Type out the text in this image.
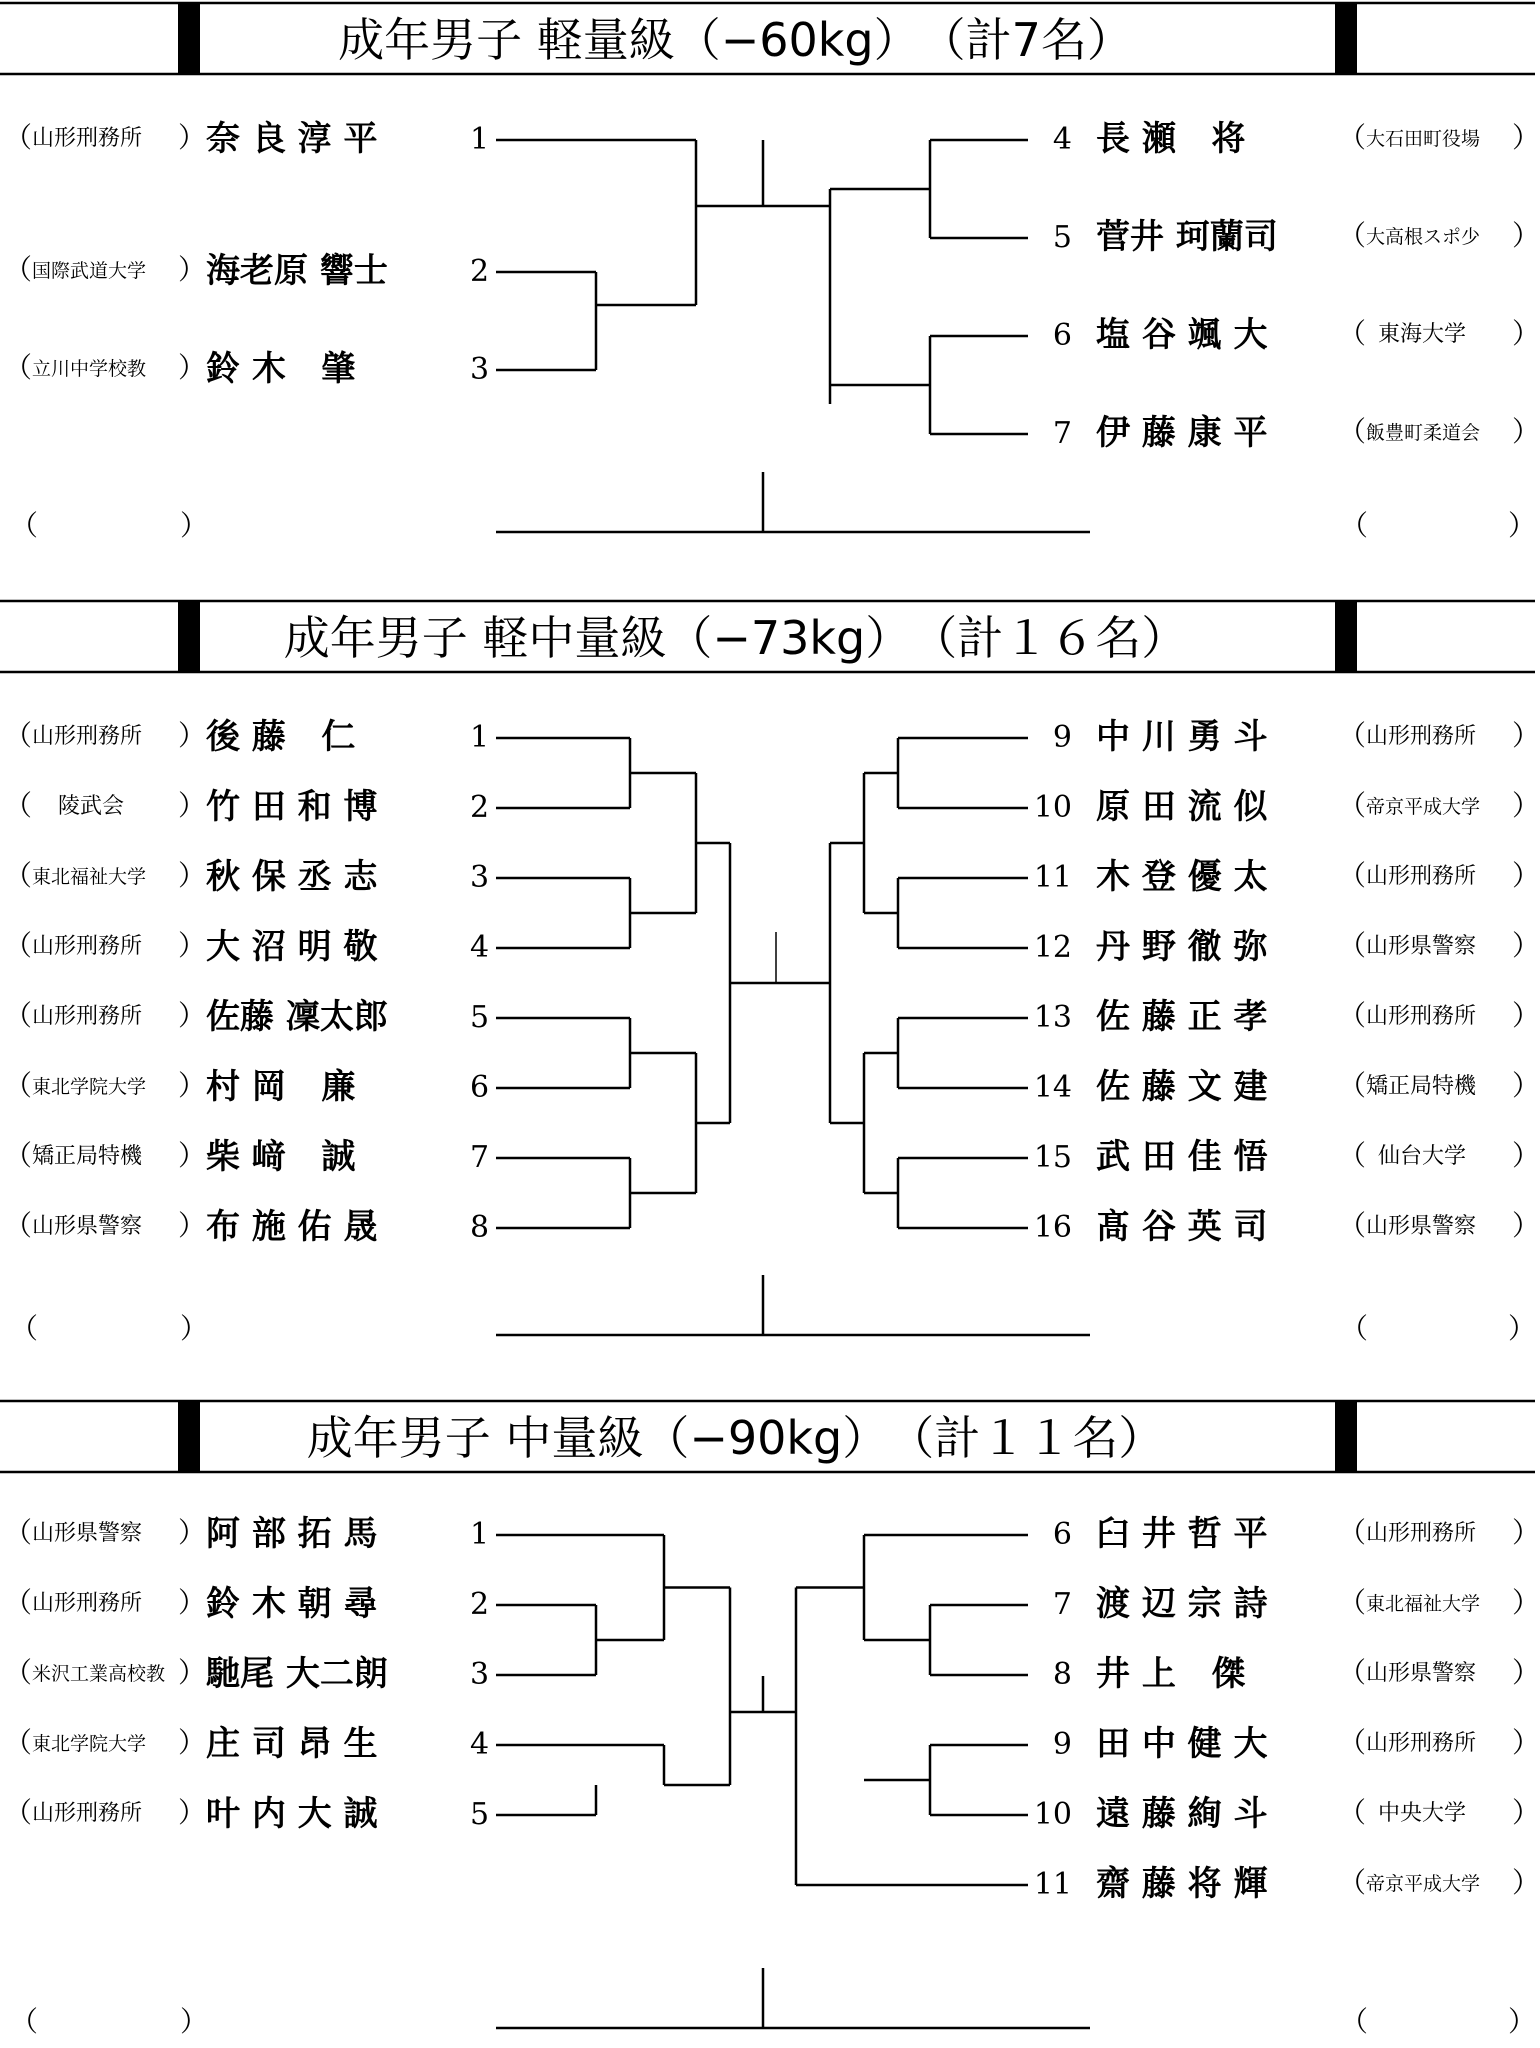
成年男子 軽量級（−60kg） （計7名）
成年男子 軽中量級（−73kg） （計１６名）
成年男子 中量級（−90kg） （計１１名）
（ 山形刑務所 ） 奈 良 淳 平	1
（ 国際武道大学 ） 海老原 響士	2
（ 立川中学校教 ） 鈴 木   肇	3
4 長 瀬   将	（ 大石田町役場 ）
5 菅井 珂蘭司 （ 大高根スポ少 ）
6 塩 谷 颯 大	（ 東海大学 ）
7 伊 藤 康 平	（ 飯豊町柔道会 ）
（	）	（	）
（ 山形刑務所 ） 後 藤   仁	1
（ 陵武会 ） 竹 田 和 博	2
（ 東北福祉大学 ） 秋 保 丞 志	3
（ 山形刑務所 ） 大 沼 明 敬	4
（ 山形刑務所 ） 佐藤 凜太郎	5
（ 東北学院大学 ） 村 岡   廉	6
（ 矯正局特機 ） 柴 﨑   誠	7
（ 山形県警察 ） 布 施 佑 晟	8
9 中 川 勇 斗	（ 山形刑務所 ）
10 原 田 流 似	（ 帝京平成大学 ）
11 木 登 優 太	（ 山形刑務所 ）
12 丹 野 徹 弥	（ 山形県警察 ）
13 佐 藤 正 孝	（ 山形刑務所 ）
14 佐 藤 文 建	（ 矯正局特機 ）
15 武 田 佳 悟	（ 仙台大学 ）
16 髙 谷 英 司	（ 山形県警察 ）
（	）	（	）
（ 山形県警察 ） 阿 部 拓 馬	1
（ 山形刑務所 ） 鈴 木 朝 尋	2
（ 米沢工業高校教 ） 馳尾 大二朗	3
（ 東北学院大学 ） 庄 司 昂 生	4
（ 山形刑務所 ） 叶 内 大 誠	5
6 臼 井 哲 平	（ 山形刑務所 ）
7 渡 辺 宗 詩	（ 東北福祉大学 ）
8 井 上   傑	（ 山形県警察 ）
9 田 中 健 大	（ 山形刑務所 ）
10 遠 藤 絢 斗	（ 中央大学 ）
11 齋 藤 将 輝	（ 帝京平成大学 ）
（	）	（	）
